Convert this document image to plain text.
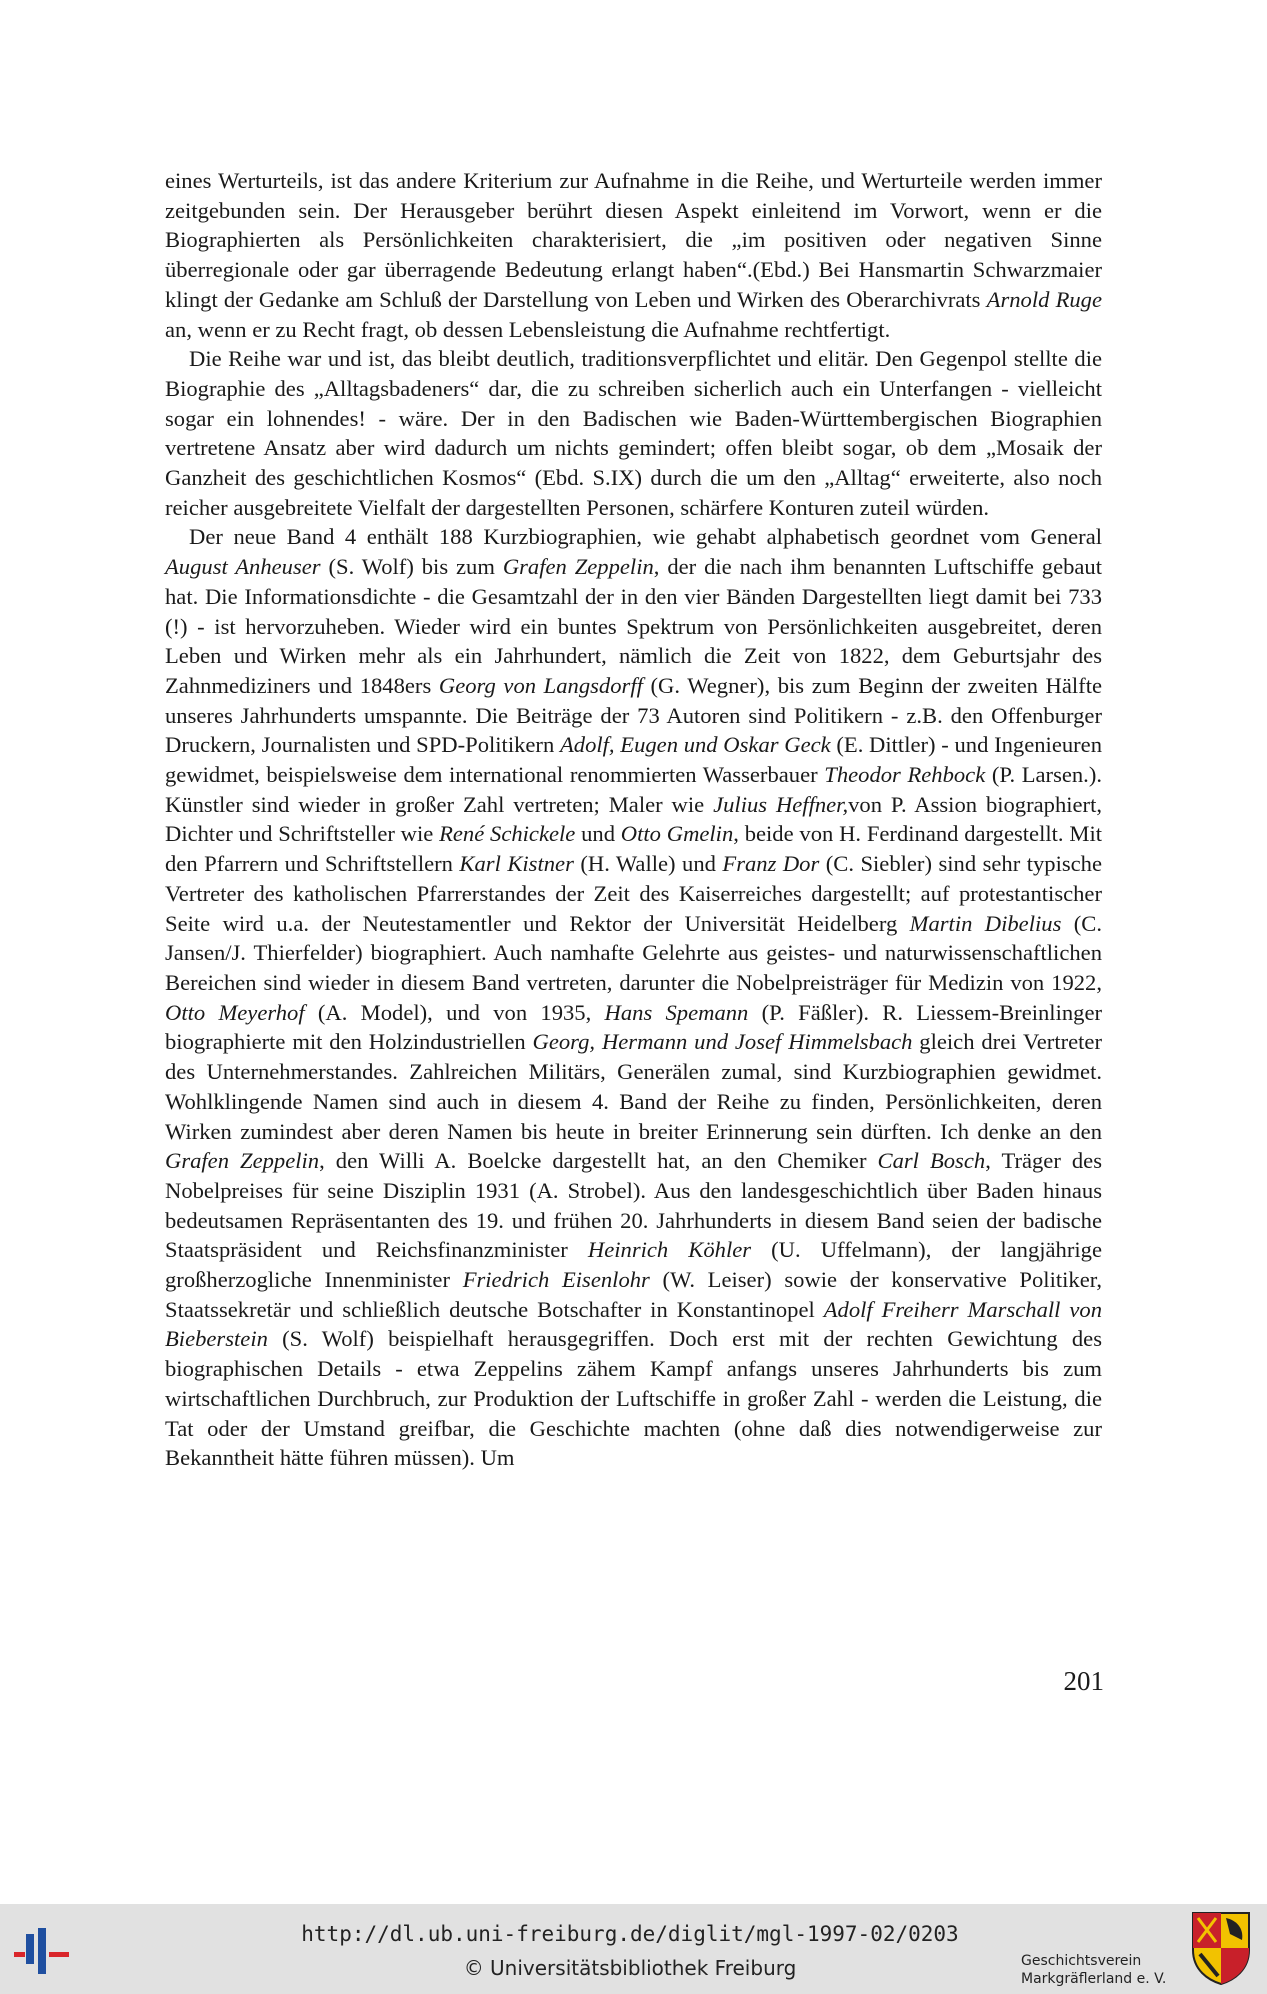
eines Werturteils, ist das andere Kriterium zur Aufnahme in die Reihe, und Werturteile werden immer zeitgebunden sein. Der Herausgeber berührt diesen Aspekt einleitend im Vorwort, wenn er die Biographierten als Persönlichkeiten charakterisiert, die „im positiven oder negativen Sinne überregionale oder gar überragende Bedeutung erlangt haben“.(Ebd.) Bei Hansmartin Schwarzmaier klingt der Gedanke am Schluß der Darstellung von Leben und Wirken des Oberarchivrats Arnold Ruge an, wenn er zu Recht fragt, ob dessen Lebensleistung die Aufnahme rechtfertigt.

Die Reihe war und ist, das bleibt deutlich, traditionsverpflichtet und elitär. Den Gegenpol stellte die Biographie des „Alltagsbadeners“ dar, die zu schreiben sicherlich auch ein Unterfangen - vielleicht sogar ein lohnendes! - wäre. Der in den Badischen wie Baden-Württembergischen Biographien vertretene Ansatz aber wird dadurch um nichts gemindert; offen bleibt sogar, ob dem „Mosaik der Ganzheit des geschichtlichen Kosmos“ (Ebd. S.IX) durch die um den „Alltag“ erweiterte, also noch reicher ausgebreitete Vielfalt der dargestellten Personen, schärfere Konturen zuteil würden.

Der neue Band 4 enthält 188 Kurzbiographien, wie gehabt alphabetisch geordnet vom General August Anheuser (S. Wolf) bis zum Grafen Zeppelin, der die nach ihm benannten Luftschiffe gebaut hat. Die Informationsdichte - die Gesamtzahl der in den vier Bänden Dargestellten liegt damit bei 733 (!) - ist hervorzuheben. Wieder wird ein buntes Spektrum von Persönlichkeiten ausgebreitet, deren Leben und Wirken mehr als ein Jahrhundert, nämlich die Zeit von 1822, dem Geburtsjahr des Zahnmediziners und 1848ers Georg von Langsdorff (G. Wegner), bis zum Beginn der zweiten Hälfte unseres Jahrhunderts umspannte. Die Beiträge der 73 Autoren sind Politikern - z.B. den Offenburger Druckern, Journalisten und SPD-Politikern Adolf, Eugen und Oskar Geck (E. Dittler) - und Ingenieuren gewidmet, beispielsweise dem international renommierten Wasserbauer Theodor Rehbock (P. Larsen.). Künstler sind wieder in großer Zahl vertreten; Maler wie Julius Heffner,von P. Assion biographiert, Dichter und Schriftsteller wie René Schickele und Otto Gmelin, beide von H. Ferdinand dargestellt. Mit den Pfarrern und Schriftstellern Karl Kistner (H. Walle) und Franz Dor (C. Siebler) sind sehr typische Vertreter des katholischen Pfarrerstandes der Zeit des Kaiserreiches dargestellt; auf protestantischer Seite wird u.a. der Neutestamentler und Rektor der Universität Heidelberg Martin Dibelius (C. Jansen/J. Thierfelder) biographiert. Auch namhafte Gelehrte aus geistes- und naturwissenschaftlichen Bereichen sind wieder in diesem Band vertreten, darunter die Nobelpreisträger für Medizin von 1922, Otto Meyerhof (A. Model), und von 1935, Hans Spemann (P. Fäßler). R. Liessem-Breinlinger biographierte mit den Holzindustriellen Georg, Hermann und Josef Himmelsbach gleich drei Vertreter des Unternehmerstandes. Zahlreichen Militärs, Generälen zumal, sind Kurzbiographien gewidmet. Wohlklingende Namen sind auch in diesem 4. Band der Reihe zu finden, Persönlichkeiten, deren Wirken zumindest aber deren Namen bis heute in breiter Erinnerung sein dürften. Ich denke an den Grafen Zeppelin, den Willi A. Boelcke dargestellt hat, an den Chemiker Carl Bosch, Träger des Nobelpreises für seine Disziplin 1931 (A. Strobel). Aus den landesgeschichtlich über Baden hinaus bedeutsamen Repräsentanten des 19. und frühen 20. Jahrhunderts in diesem Band seien der badische Staatspräsident und Reichsfinanzminister Heinrich Köhler (U. Uffelmann), der langjährige großherzogliche Innenminister Friedrich Eisenlohr (W. Leiser) sowie der konservative Politiker, Staatssekretär und schließlich deutsche Botschafter in Konstantinopel Adolf Freiherr Marschall von Bieberstein (S. Wolf) beispielhaft herausgegriffen. Doch erst mit der rechten Gewichtung des biographischen Details - etwa Zeppelins zähem Kampf anfangs unseres Jahrhunderts bis zum wirtschaftlichen Durchbruch, zur Produktion der Luftschiffe in großer Zahl - werden die Leistung, die Tat oder der Umstand greifbar, die Geschichte machten (ohne daß dies notwendigerweise zur Bekanntheit hätte führen müssen). Um

201
http://dl.ub.uni-freiburg.de/diglit/mgl-1997-02/0203
© Universitätsbibliothek Freiburg	Geschichtsverein
Markgräflerland e. V.
